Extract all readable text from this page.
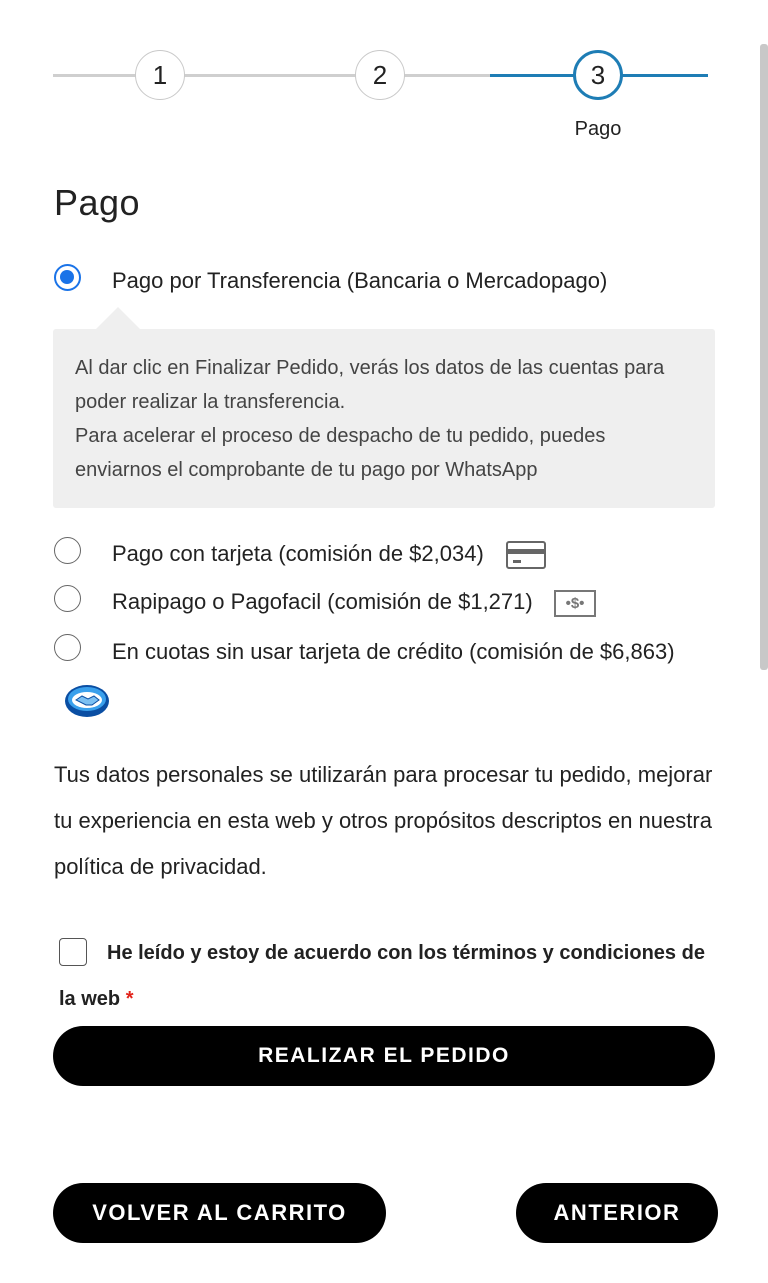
1	2	3
Pago
Pago
Pago por Transferencia (Bancaria o Mercadopago)

Al dar clic en Finalizar Pedido, verás los datos de las cuentas para poder realizar la transferencia.

Para acelerar el proceso de despacho de tu pedido, puedes enviarnos el comprobante de tu pago por WhatsApp

Pago con tarjeta (comisión de $2,034)
Rapipago o Pagofacil (comisión de $1,271)	•$•
En cuotas sin usar tarjeta de crédito (comisión de $6,863)
Tus datos personales se utilizarán para procesar tu pedido, mejorar tu experiencia en esta web y otros propósitos descriptos en nuestra política de privacidad.
He leído y estoy de acuerdo con los términos y condiciones de la web *
REALIZAR EL PEDIDO
VOLVER AL CARRITO	ANTERIOR
